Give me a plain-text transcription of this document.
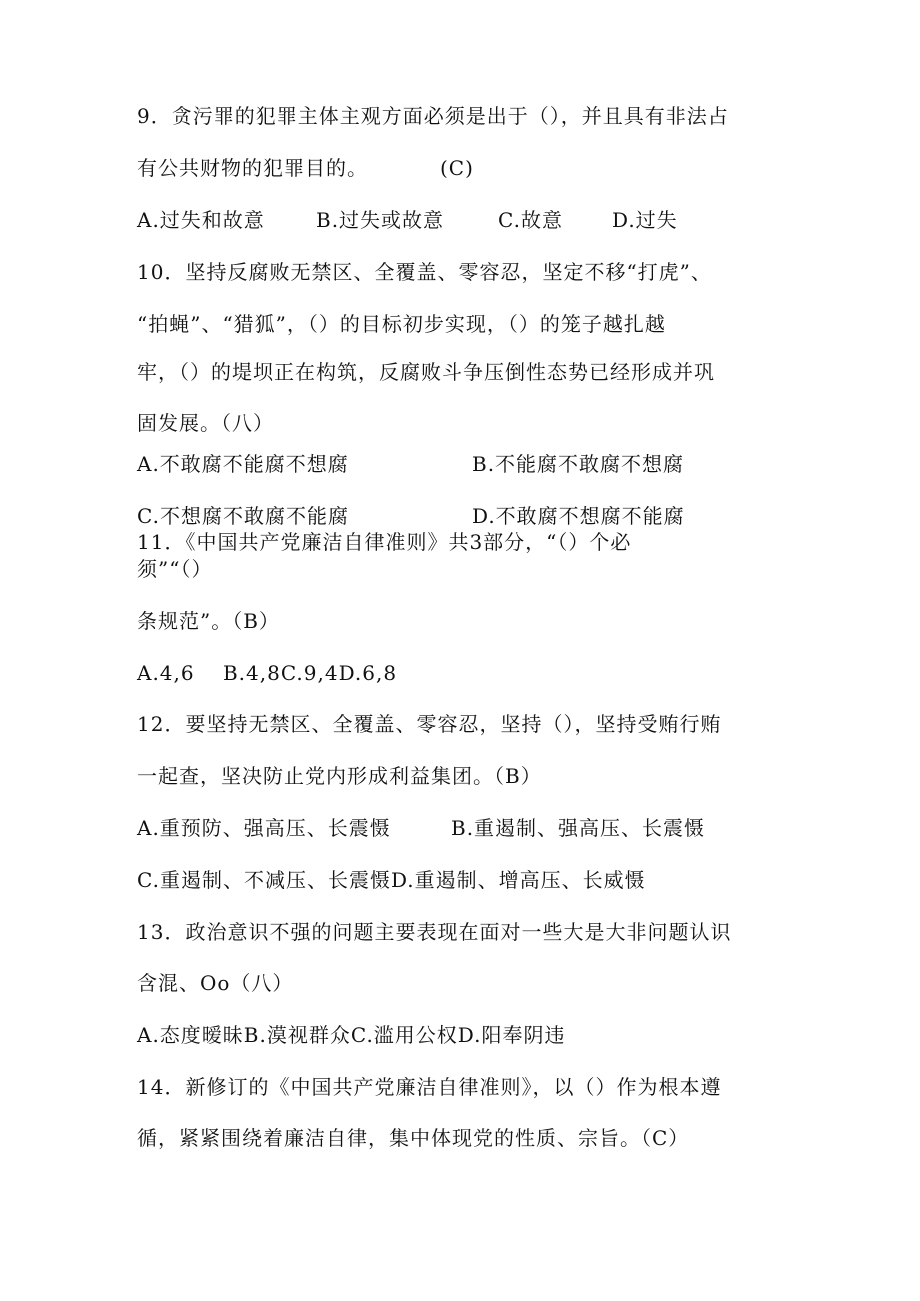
9．贪污罪的犯罪主体主观方面必须是出于（），并且具有非法占
有公共财物的犯罪目的。	(C)
A.过失和故意	B.过失或故意	C.故意 D.过失
10．坚持反腐败无禁区、全覆盖、零容忍，坚定不移“打虎”、
“拍蝇”、“猎狐”，（）的目标初步实现，（）的笼子越扎越
牢，（）的堤坝正在构筑，反腐败斗争压倒性态势已经形成并巩
固发展。（八）
A.不敢腐不能腐不想腐	B.不能腐不敢腐不想腐
C.不想腐不敢腐不能腐	D.不敢腐不想腐不能腐
11．《中国共产党廉洁自律准则》共3部分，“（）个必
须”“（）
条规范”。（B）
A.4,6　 B.4,8C.9,4D.6,8
12．要坚持无禁区、全覆盖、零容忍，坚持（），坚持受贿行贿
一起查，坚决防止党内形成利益集团。（B）
A.重预防、强高压、长震慑	B.重遏制、强高压、长震慑
C.重遏制、不减压、长震慑D.重遏制、增高压、长威慑
13．政治意识不强的问题主要表现在面对一些大是大非问题认识
含混、Oo（八）
A.态度暧昧B.漠视群众C.滥用公权D.阳奉阴违
14．新修订的《中国共产党廉洁自律准则》，以（）作为根本遵
循，紧紧围绕着廉洁自律，集中体现党的性质、宗旨。（C）
